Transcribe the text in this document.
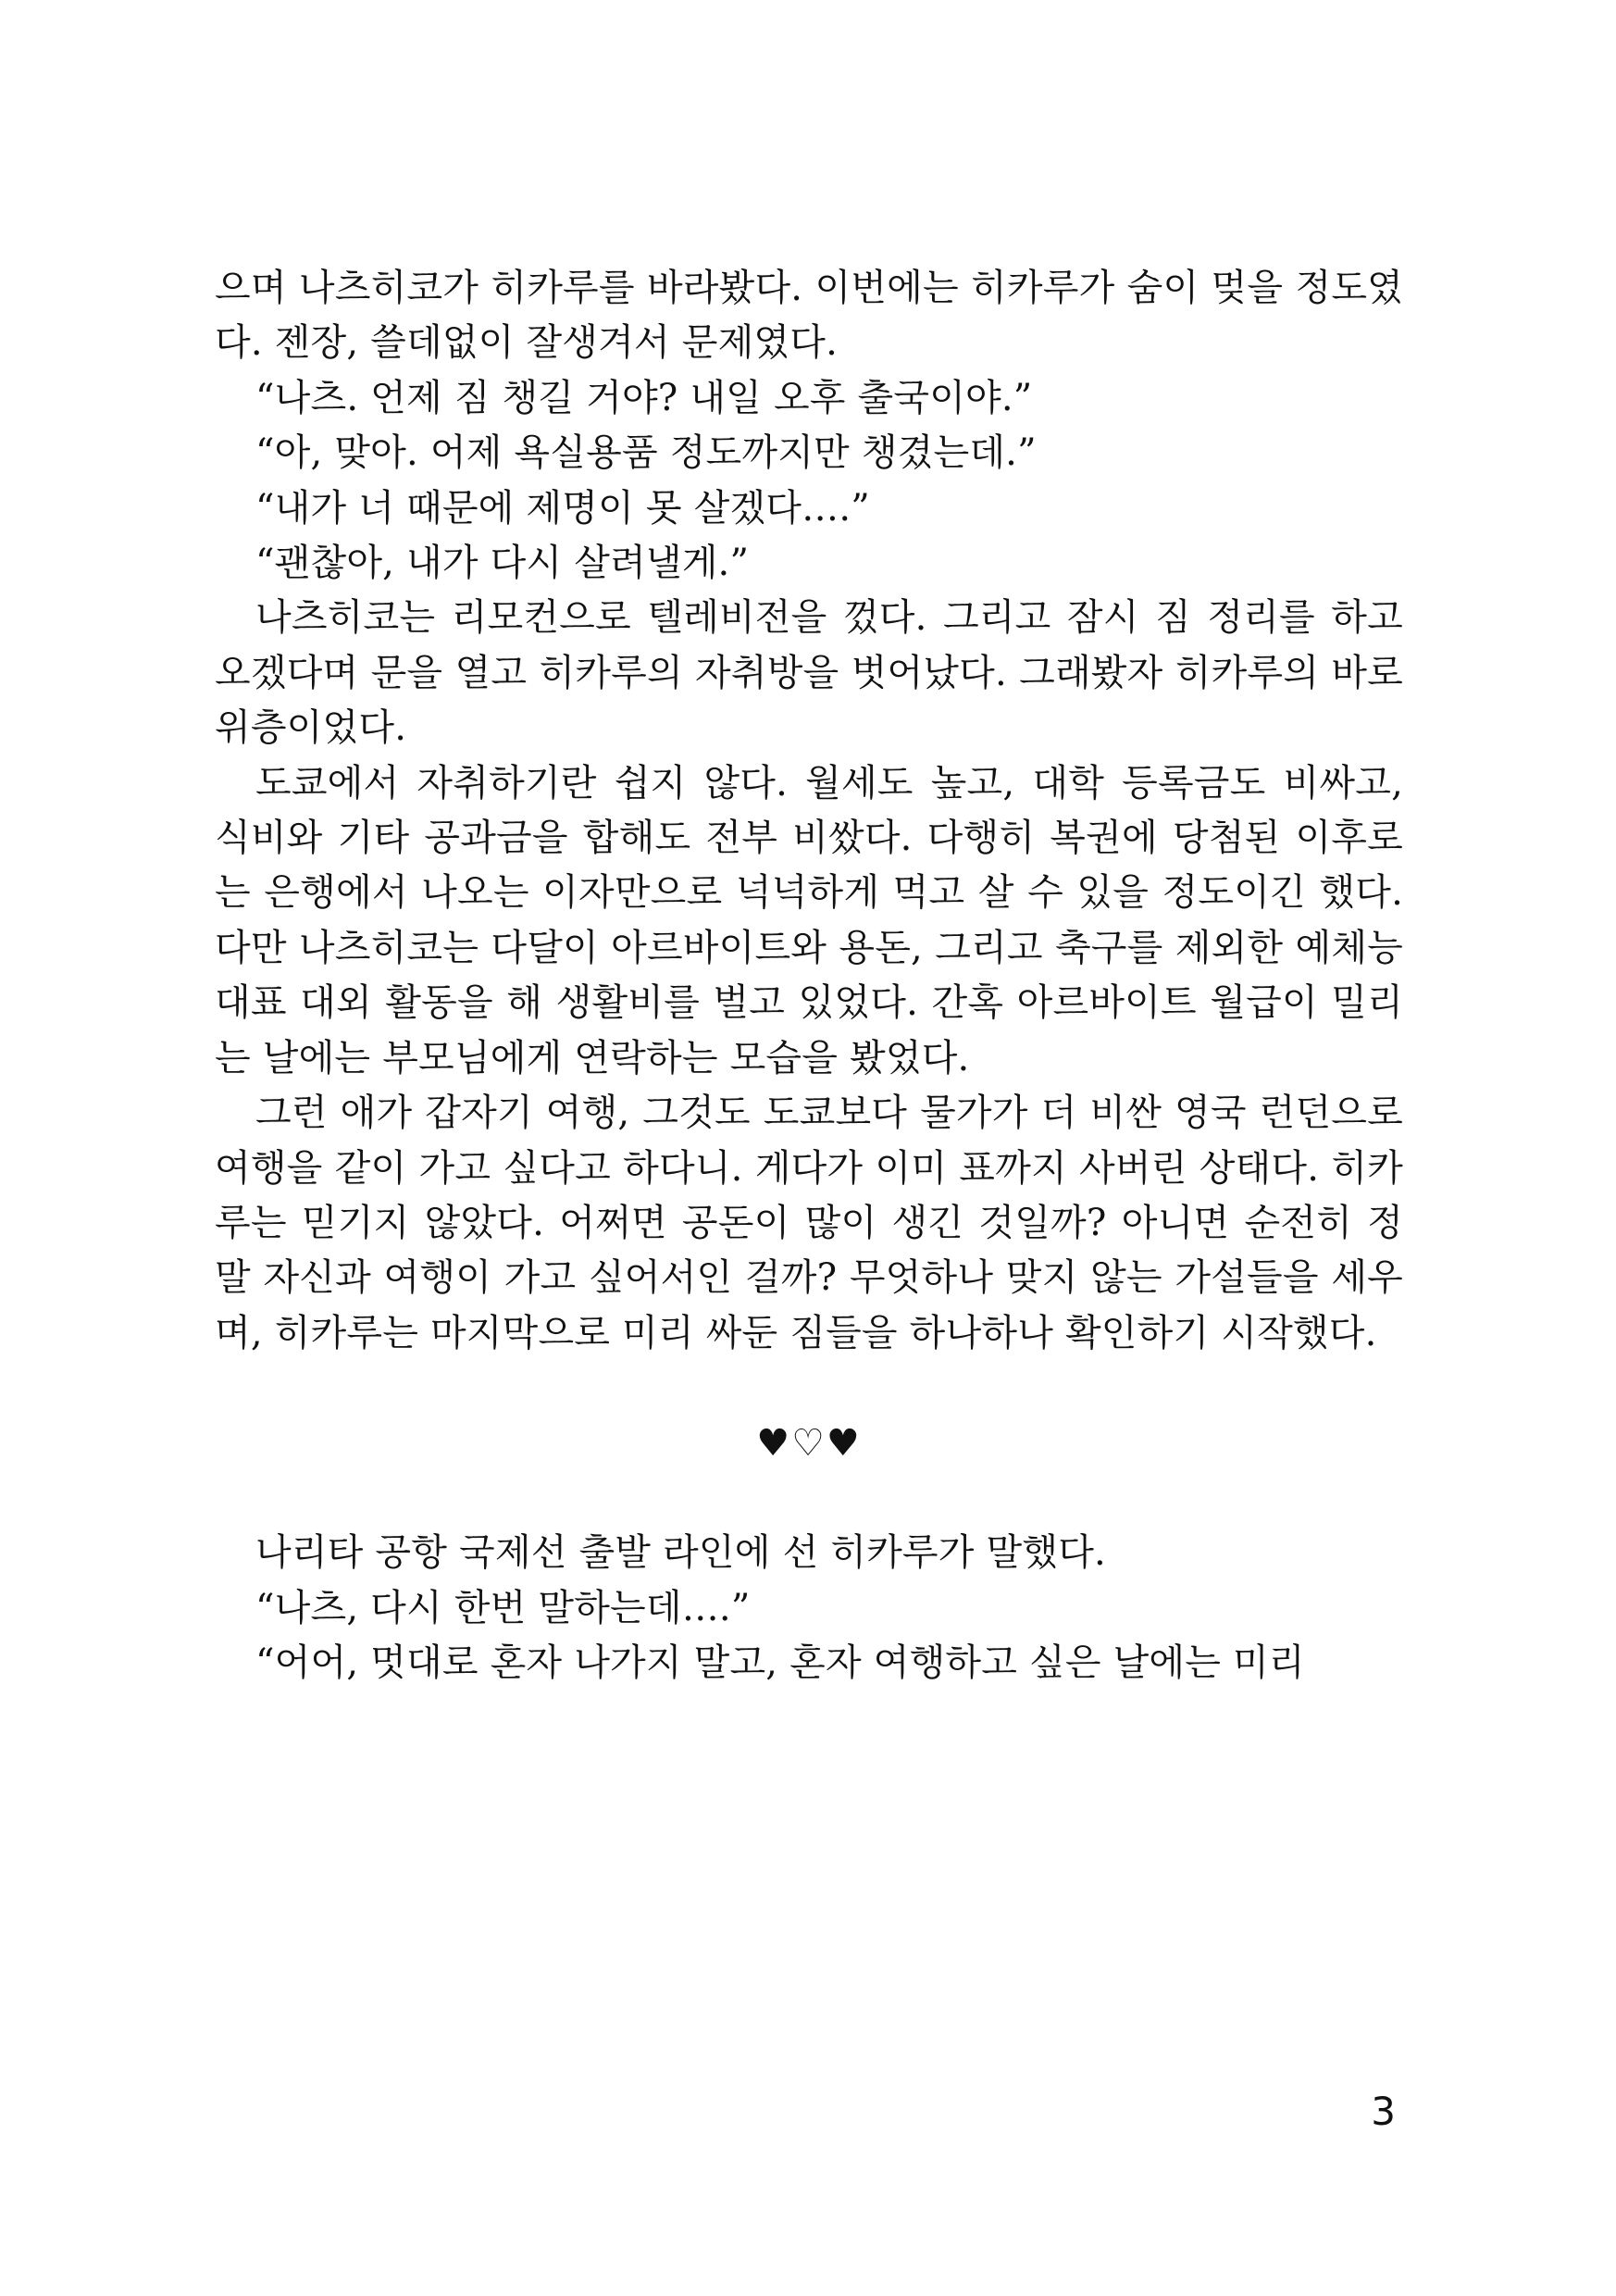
으며 나츠히코가 히카루를 바라봤다. 이번에는 히카루가 숨이 멎을 정도였다. 젠장, 쓸데없이 잘생겨서 문제였다.

“나츠. 언제 짐 챙길 거야? 내일 오후 출국이야.”

“아, 맞아. 어제 욕실용품 정도까지만 챙겼는데.”

“내가 너 때문에 제명이 못 살겠다….”

“괜찮아, 내가 다시 살려낼게.”

나츠히코는 리모컨으로 텔레비전을 껐다. 그리고 잠시 짐 정리를 하고 오겠다며 문을 열고 히카루의 자취방을 벗어났다. 그래봤자 히카루의 바로 위층이었다.

도쿄에서 자취하기란 쉽지 않다. 월세도 높고, 대학 등록금도 비싸고, 식비와 기타 공과금을 합해도 전부 비쌌다. 다행히 복권에 당첨된 이후로는 은행에서 나오는 이자만으로 넉넉하게 먹고 살 수 있을 정도이긴 했다. 다만 나츠히코는 다달이 아르바이트와 용돈, 그리고 축구를 제외한 예체능 대표 대외 활동을 해 생활비를 벌고 있었다. 간혹 아르바이트 월급이 밀리는 날에는 부모님에게 연락하는 모습을 봤었다.

그런 애가 갑자기 여행, 그것도 도쿄보다 물가가 더 비싼 영국 런던으로 여행을 같이 가고 싶다고 하다니. 게다가 이미 표까지 사버린 상태다. 히카루는 믿기지 않았다. 어쩌면 공돈이 많이 생긴 것일까? 아니면 순전히 정말 자신과 여행이 가고 싶어서인 걸까? 무엇하나 맞지 않는 가설들을 세우며, 히카루는 마지막으로 미리 싸둔 짐들을 하나하나 확인하기 시작했다.

♥♡♥

나리타 공항 국제선 출발 라인에 선 히카루가 말했다.

“나츠, 다시 한번 말하는데….”

“어어, 멋대로 혼자 나가지 말고, 혼자 여행하고 싶은 날에는 미리

3
